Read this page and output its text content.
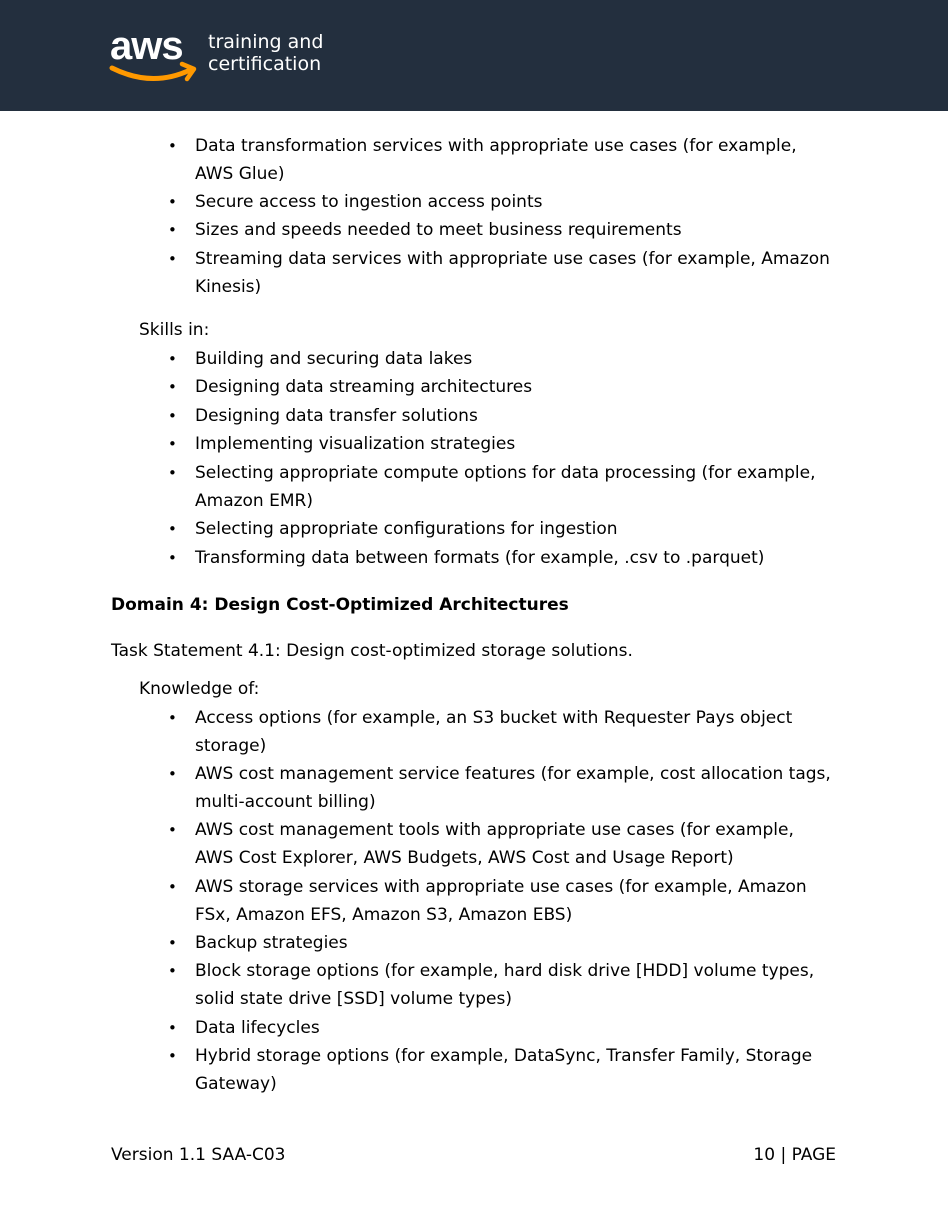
aws training and
certification
• Data transformation services with appropriate use cases (for example, AWS Glue)
• Secure access to ingestion access points
• Sizes and speeds needed to meet business requirements
• Streaming data services with appropriate use cases (for example, Amazon Kinesis)
Skills in:
• Building and securing data lakes
• Designing data streaming architectures
• Designing data transfer solutions
• Implementing visualization strategies
• Selecting appropriate compute options for data processing (for example, Amazon EMR)
• Selecting appropriate configurations for ingestion
• Transforming data between formats (for example, .csv to .parquet)
Domain 4: Design Cost-Optimized Architectures
Task Statement 4.1: Design cost-optimized storage solutions.
Knowledge of:
• Access options (for example, an S3 bucket with Requester Pays object storage)
• AWS cost management service features (for example, cost allocation tags, multi-account billing)
• AWS cost management tools with appropriate use cases (for example, AWS Cost Explorer, AWS Budgets, AWS Cost and Usage Report)
• AWS storage services with appropriate use cases (for example, Amazon FSx, Amazon EFS, Amazon S3, Amazon EBS)
• Backup strategies
• Block storage options (for example, hard disk drive [HDD] volume types, solid state drive [SSD] volume types)
• Data lifecycles
• Hybrid storage options (for example, DataSync, Transfer Family, Storage Gateway)
Version 1.1 SAA-C03	10 | PAGE
